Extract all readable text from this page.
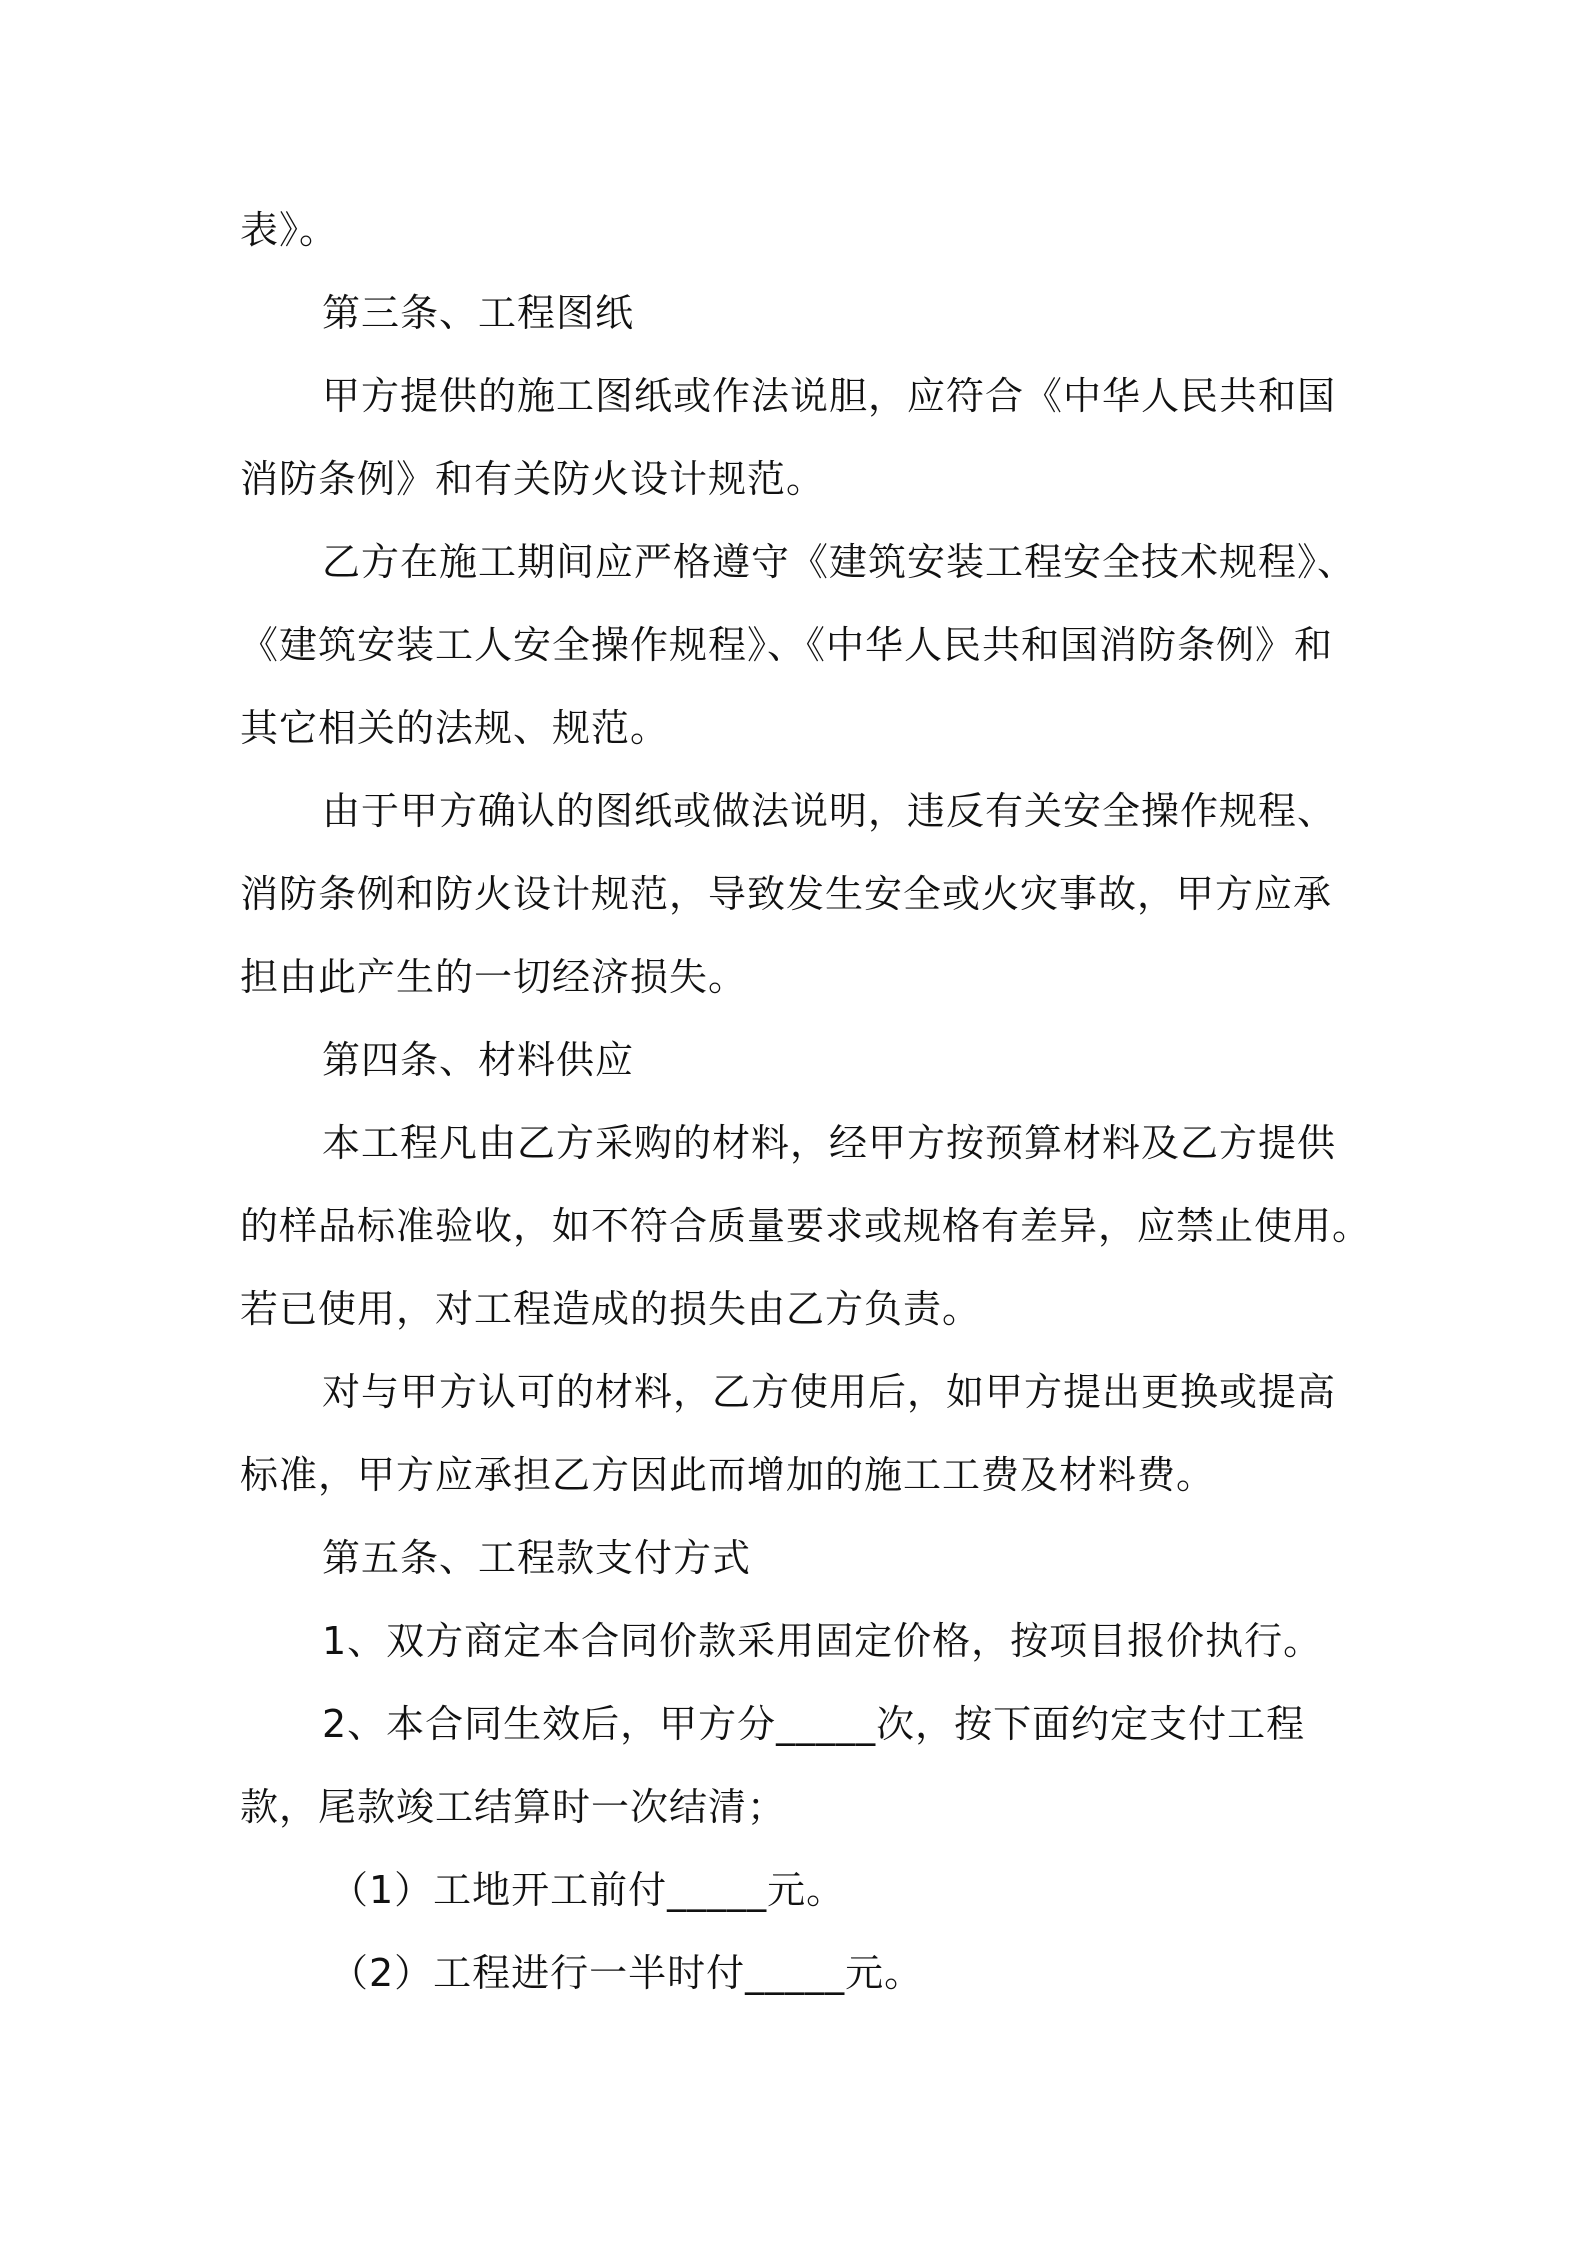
表》。
第三条、工程图纸
甲方提供的施工图纸或作法说胆，应符合《中华人民共和国
消防条例》和有关防火设计规范。
乙方在施工期间应严格遵守《建筑安装工程安全技术规程》、
《建筑安装工人安全操作规程》、《中华人民共和国消防条例》和
其它相关的法规、规范。
由于甲方确认的图纸或做法说明，违反有关安全操作规程、
消防条例和防火设计规范，导致发生安全或火灾事故，甲方应承
担由此产生的一切经济损失。
第四条、材料供应
本工程凡由乙方采购的材料，经甲方按预算材料及乙方提供
的样品标准验收，如不符合质量要求或规格有差异，应禁止使用。
若已使用，对工程造成的损失由乙方负责。
对与甲方认可的材料，乙方使用后，如甲方提出更换或提高
标准，甲方应承担乙方因此而增加的施工工费及材料费。
第五条、工程款支付方式
1、双方商定本合同价款采用固定价格，按项目报价执行。
2、本合同生效后，甲方分_____次，按下面约定支付工程
款，尾款竣工结算时一次结清；
（1）工地开工前付_____元。
（2）工程进行一半时付_____元。
